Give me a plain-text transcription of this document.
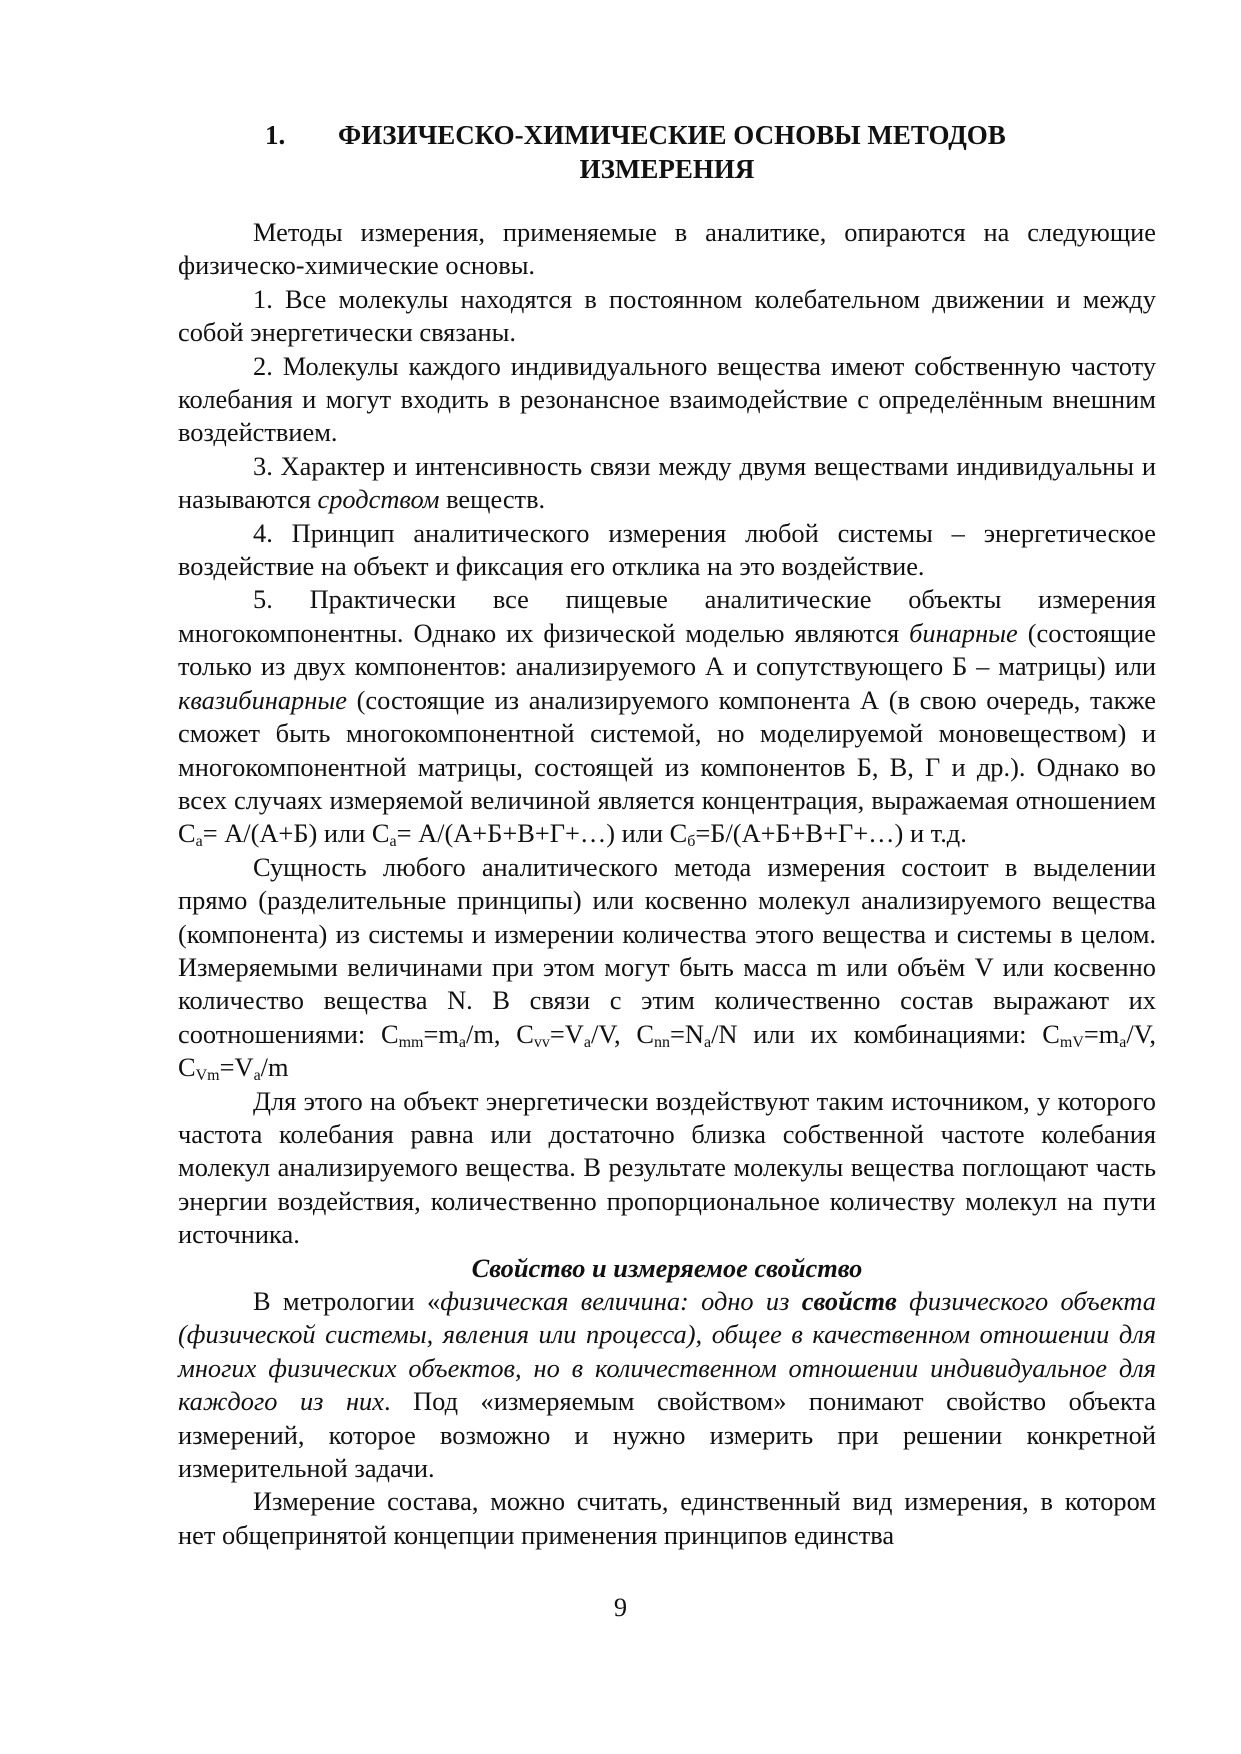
1. ФИЗИЧЕСКО-ХИМИЧЕСКИЕ ОСНОВЫ МЕТОДОВ
ИЗМЕРЕНИЯ

Методы измерения, применяемые в аналитике, опираются на следующие физическо-химические основы.

1. Все молекулы находятся в постоянном колебательном движении и между собой энергетически связаны.

2. Молекулы каждого индивидуального вещества имеют собственную частоту колебания и могут входить в резонансное взаимодействие с определённым внешним воздействием.

3. Характер и интенсивность связи между двумя веществами индивидуальны и называются сродством веществ.

4. Принцип аналитического измерения любой системы – энергетическое воздействие на объект и фиксация его отклика на это воздействие.

5. Практически все пищевые аналитические объекты измерения многокомпонентны. Однако их физической моделью являются бинарные (состоящие только из двух компонентов: анализируемого А и сопутствующего Б – матрицы) или квазибинарные (состоящие из анализируемого компонента А (в свою очередь, также сможет быть многокомпонентной системой, но моделируемой моновеществом) и многокомпонентной матрицы, состоящей из компонентов Б, В, Г и др.). Однако во всех случаях измеряемой величиной является концентрация, выражаемая отношением $С_а= А/(А+Б)$ или $С_а=$ А/(А+Б+В+Г+…) или $С_б=Б/(А+Б+В+Г+\dots)$ и т.д.

Сущность любого аналитического метода измерения состоит в выделении прямо (разделительные принципы) или косвенно молекул анализируемого вещества (компонента) из системы и измерении количества этого вещества и системы в целом. Измеряемыми величинами при этом могут быть масса m или объём V или косвенно количество вещества N. В связи с этим количественно состав выражают их соотношениями: $С_{mm}=m_a/m$, $С_{vv}=V_a/V$, $С_{nn}=N_a/N$ или их комбинациями: $С_{mV}=m_a/V$, $С_{Vm}=V_a/m$

Для этого на объект энергетически воздействуют таким источником, у которого частота колебания равна или достаточно близка собственной частоте колебания молекул анализируемого вещества. В результате молекулы вещества поглощают часть энергии воздействия, количественно пропорциональное количеству молекул на пути источника.

Свойство и измеряемое свойство

В метрологии «физическая величина: одно из свойств физического объекта (физической системы, явления или процесса), общее в качественном отношении для многих физических объектов, но в количественном отношении индивидуальное для каждого из них. Под «измеряемым свойством» понимают свойство объекта измерений, которое возможно и нужно измерить при решении конкретной измерительной задачи.

Измерение состава, можно считать, единственный вид измерения, в котором нет общепринятой концепции применения принципов единства

9
